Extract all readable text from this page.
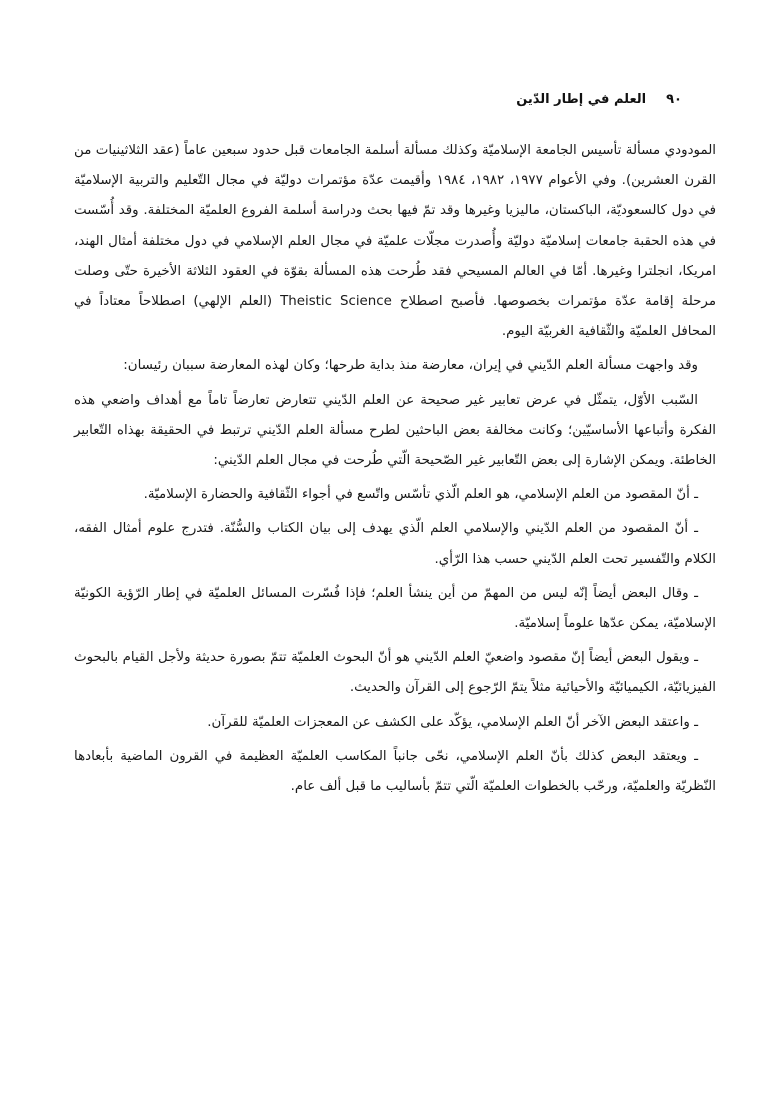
٩٠
العلم في إطار الدّين

المودودي مسألة تأسيس الجامعة الإسلاميّة وكذلك مسألة أسلمة الجامعات قبل حدود سبعين عاماً (عقد الثلاثينيات من القرن العشرين). وفي الأعوام ١٩٧٧، ١٩٨٢، ١٩٨٤ وأقيمت عدّة مؤتمرات دوليّة في مجال التّعليم والتربية الإسلاميّة في دول كالسعوديّة، الباكستان، ماليزيا وغيرها وقد تمّ فيها بحث ودراسة أسلمة الفروع العلميّة المختلفة. وقد أُسّست في هذه الحقبة جامعات إسلاميّة دوليّة وأُصدرت مجلّات علميّة في مجال العلم الإسلامي في دول مختلفة أمثال الهند، امريكا، انجلترا وغيرها. أمّا في العالم المسيحي فقد طُرحت هذه المسألة بقوّة في العقود الثلاثة الأخيرة حتّى وصلت مرحلة إقامة عدّة مؤتمرات بخصوصها. فأصبح اصطلاح Theistic Science (العلم الإلهي) اصطلاحاً معتاداً في المحافل العلميّة والثّقافية الغربيّة اليوم.

وقد واجهت مسألة العلم الدّيني في إيران، معارضة منذ بداية طرحها؛ وكان لهذه المعارضة سببان رئيسان:

السّبب الأوّل، يتمثّل في عرض تعابير غير صحيحة عن العلم الدّيني تتعارض تعارضاً تاماً مع أهداف واضعي هذه الفكرة وأتباعها الأساسيّين؛ وكانت مخالفة بعض الباحثين لطرح مسألة العلم الدّيني ترتبط في الحقيقة بهذاه التّعابير الخاطئة. ويمكن الإشارة إلى بعض التّعابير غير الصّحيحة الّتي طُرحت في مجال العلم الدّيني:

ـ أنّ المقصود من العلم الإسلامي، هو العلم الّذي تأسّس واتّسع في أجواء الثّقافية والحضارة الإسلاميّة.

ـ أنّ المقصود من العلم الدّيني والإسلامي العلم الّذي يهدف إلى بيان الكتاب والسُّنّة. فتدرج علوم أمثال الفقه، الكلام والتّفسير تحت العلم الدّيني حسب هذا الرّأي.

ـ وقال البعض أيضاً إنّه ليس من المهمّ من أين ينشأ العلم؛ فإذا فُسّرت المسائل العلميّة في إطار الرّؤية الكونيّة الإسلاميّة، يمكن عدّها علوماً إسلاميّة.

ـ ويقول البعض أيضاً إنّ مقصود واضعيّ العلم الدّيني هو أنّ البحوث العلميّة تتمّ بصورة حديثة ولأجل القيام بالبحوث الفيزيائيّة، الكيميائيّة والأحيائية مثلاً يتمّ الرّجوع إلى القرآن والحديث.

ـ واعتقد البعض الآخر أنّ العلم الإسلامي، يؤكّد على الكشف عن المعجزات العلميّة للقرآن.

ـ ويعتقد البعض كذلك بأنّ العلم الإسلامي، نحّى جانباً المكاسب العلميّة العظيمة في القرون الماضية بأبعادها النّظريّة والعلميّة، ورحّب بالخطوات العلميّة الّتي تتمّ بأساليب ما قبل ألف عام.
